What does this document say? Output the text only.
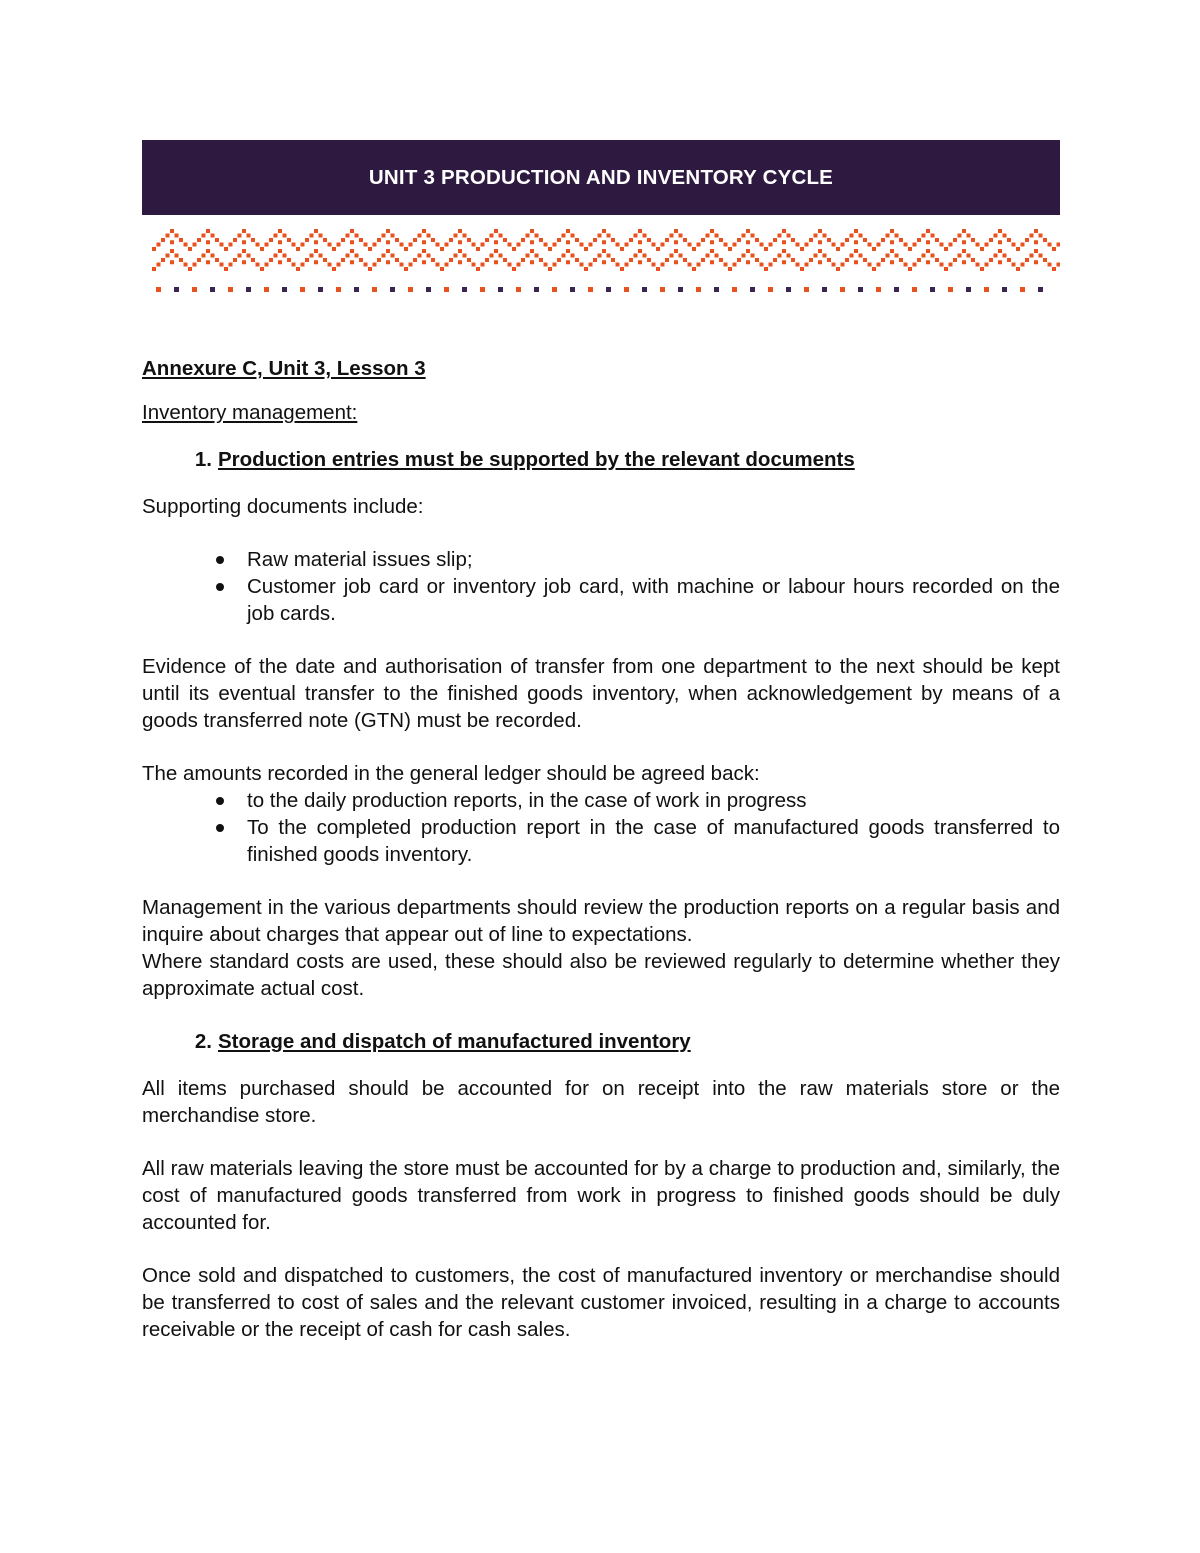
UNIT 3 PRODUCTION AND INVENTORY CYCLE

Annexure C, Unit 3, Lesson 3

Inventory management:

1. Production entries must be supported by the relevant documents

Supporting documents include:

Raw material issues slip;
Customer job card or inventory job card, with machine or labour hours recorded on the job cards.

Evidence of the date and authorisation of transfer from one department to the next should be kept until its eventual transfer to the finished goods inventory, when acknowledgement by means of a goods transferred note (GTN) must be recorded.

The amounts recorded in the general ledger should be agreed back:

to the daily production reports, in the case of work in progress
To the completed production report in the case of manufactured goods transferred to finished goods inventory.

Management in the various departments should review the production reports on a regular basis and inquire about charges that appear out of line to expectations.

Where standard costs are used, these should also be reviewed regularly to determine whether they approximate actual cost.

2. Storage and dispatch of manufactured inventory

All items purchased should be accounted for on receipt into the raw materials store or the merchandise store.

All raw materials leaving the store must be accounted for by a charge to production and, similarly, the cost of manufactured goods transferred from work in progress to finished goods should be duly accounted for.

Once sold and dispatched to customers, the cost of manufactured inventory or merchandise should be transferred to cost of sales and the relevant customer invoiced, resulting in a charge to accounts receivable or the receipt of cash for cash sales.
